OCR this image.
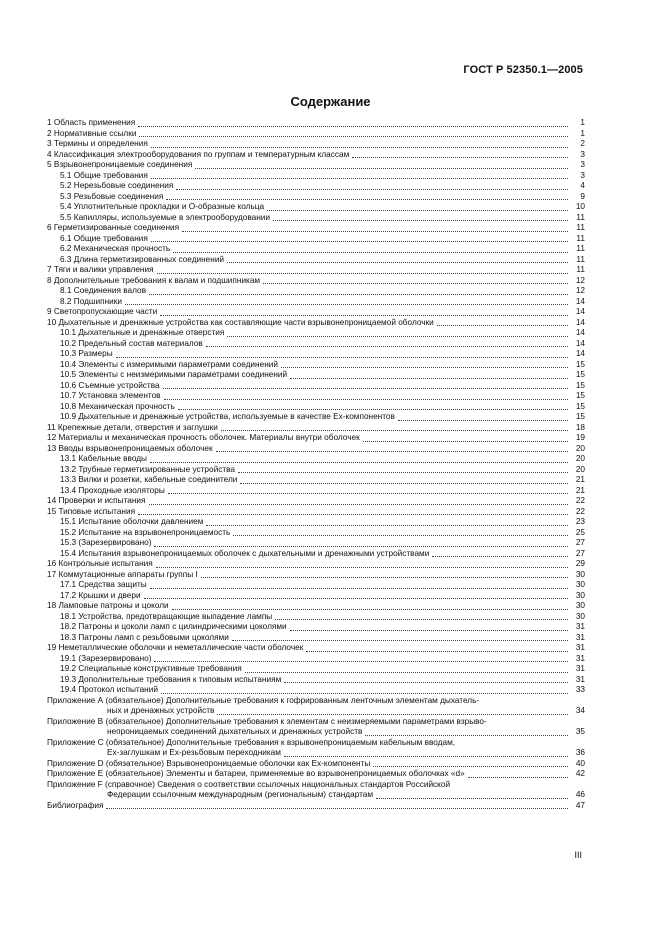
ГОСТ Р 52350.1—2005
Содержание
1 Область применения	1
2 Нормативные ссылки	1
3 Термины и определения	2
4 Классификация электрооборудования по группам и температурным классам	3
5 Взрывонепроницаемые соединения	3
5.1 Общие требования	3
5.2 Нерезьбовые соединения	4
5.3 Резьбовые соединения	9
5.4 Уплотнительные прокладки и О-образные кольца	10
5.5 Капилляры, используемые в электрооборудовании	11
6 Герметизированные соединения	11
6.1 Общие требования	11
6.2 Механическая прочность	11
6.3 Длина герметизированных соединений	11
7 Тяги и валики управления	11
8 Дополнительные требования к валам и подшипникам	12
8.1 Соединения валов	12
8.2 Подшипники	14
9 Светопропускающие части	14
10 Дыхательные и дренажные устройства как составляющие части взрывонепроницаемой оболочки	14
10.1 Дыхательные и дренажные отверстия	14
10.2 Предельный состав материалов	14
10.3 Размеры	14
10.4 Элементы с измеримыми параметрами соединений	15
10.5 Элементы с неизмеримыми параметрами соединений	15
10.6 Съемные устройства	15
10.7 Установка элементов	15
10.8 Механическая прочность	15
10.9 Дыхательные и дренажные устройства, используемые в качестве Ex-компонентов	15
11 Крепежные детали, отверстия и заглушки	18
12 Материалы и механическая прочность оболочек. Материалы внутри оболочек	19
13 Вводы взрывонепроницаемых оболочек	20
13.1 Кабельные вводы	20
13.2 Трубные герметизированные устройства	20
13.3 Вилки и розетки, кабельные соединители	21
13.4 Проходные изоляторы	21
14 Проверки и испытания	22
15 Типовые испытания	22
15.1 Испытание оболочки давлением	23
15.2 Испытание на взрывонепроницаемость	25
15.3 (Зарезервировано)	27
15.4 Испытания взрывонепроницаемых оболочек с дыхательными и дренажными устройствами	27
16 Контрольные испытания	29
17 Коммутационные аппараты группы I	30
17.1 Средства защиты	30
17.2 Крышки и двери	30
18 Ламповые патроны и цоколи	30
18.1 Устройства, предотвращающие выпадение лампы	30
18.2 Патроны и цоколи ламп с цилиндрическими цоколями	31
18.3 Патроны ламп с резьбовыми цоколями	31
19 Неметаллические оболочки и неметаллические части оболочек	31
19.1 (Зарезервировано)	31
19.2 Специальные конструктивные требования	31
19.3 Дополнительные требования к типовым испытаниям	31
19.4 Протокол испытаний	33
Приложение А (обязательное) Дополнительные требования к гофрированным ленточным элементам дыхатель-
ных и дренажных устройств	34
Приложение В (обязательное) Дополнительные требования к элементам с неизмеряемыми параметрами взрыво-
непроницаемых соединений дыхательных и дренажных устройств	35
Приложение С (обязательное) Дополнительные требования к взрывонепроницаемым кабельным вводам,
Ex-заглушкам и Ex-резьбовым переходникам	36
Приложение D (обязательное) Взрывонепроницаемые оболочки как Ex-компоненты	40
Приложение Е (обязательное) Элементы и батареи, применяемые во взрывонепроницаемых оболочках «d»	42
Приложение F (справочное) Сведения о соответствии ссылочных национальных стандартов Российской
Федерации ссылочным международным (региональным) стандартам	46
Библиография	47
III
